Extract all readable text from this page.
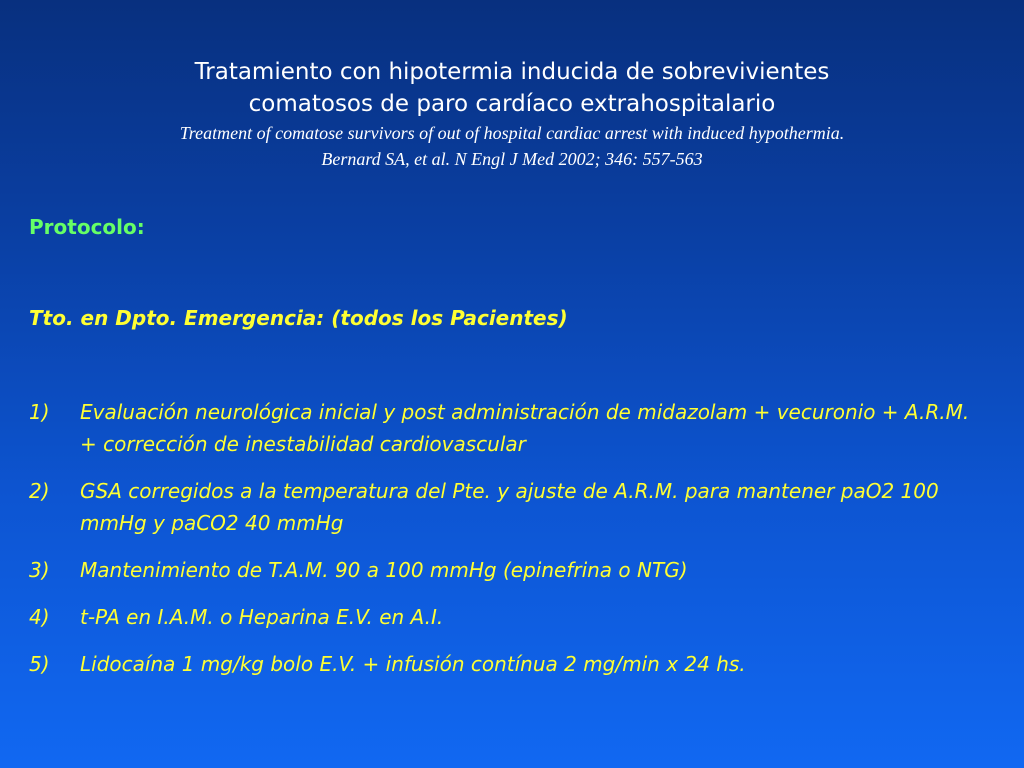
Tratamiento con hipotermia inducida de sobrevivientes
comatosos de paro cardíaco extrahospitalario
Treatment of comatose survivors of out of hospital cardiac arrest with induced hypothermia.
Bernard SA, et al. N Engl J Med 2002; 346: 557-563
Protocolo:
Tto. en Dpto. Emergencia: (todos los Pacientes)
1) Evaluación neurológica inicial y post administración de midazolam + vecuronio + A.R.M. + corrección de inestabilidad cardiovascular
2) GSA corregidos a la temperatura del Pte. y ajuste de A.R.M. para mantener paO2 100 mmHg y paCO2 40 mmHg
3) Mantenimiento de T.A.M. 90 a 100 mmHg (epinefrina o NTG)
4) t-PA en I.A.M. o Heparina E.V. en A.I.
5) Lidocaína 1 mg/kg bolo E.V. + infusión contínua 2 mg/min x 24 hs.
